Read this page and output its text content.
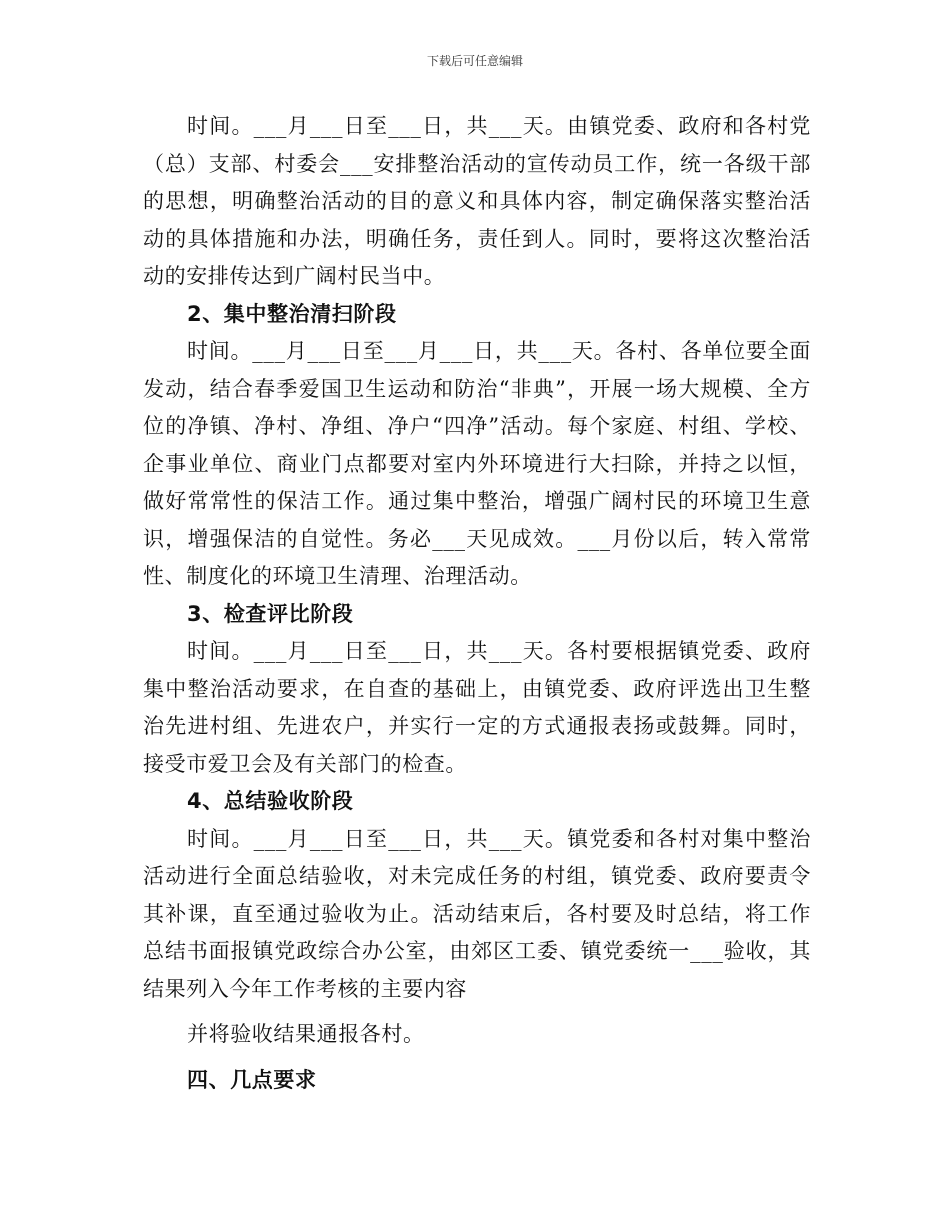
下载后可任意编辑

时间。___月___日至___日，共___天。由镇党委、政府和各村党（总）支部、村委会___安排整治活动的宣传动员工作，统一各级干部的思想，明确整治活动的目的意义和具体内容，制定确保落实整治活动的具体措施和办法，明确任务，责任到人。同时，要将这次整治活动的安排传达到广阔村民当中。

2、集中整治清扫阶段

时间。___月___日至___月___日，共___天。各村、各单位要全面发动，结合春季爱国卫生运动和防治“非典”，开展一场大规模、全方位的净镇、净村、净组、净户“四净”活动。每个家庭、村组、学校、企事业单位、商业门点都要对室内外环境进行大扫除，并持之以恒，做好常常性的保洁工作。通过集中整治，增强广阔村民的环境卫生意识，增强保洁的自觉性。务必___天见成效。___月份以后，转入常常性、制度化的环境卫生清理、治理活动。

3、检查评比阶段

时间。___月___日至___日，共___天。各村要根据镇党委、政府集中整治活动要求，在自查的基础上，由镇党委、政府评选出卫生整治先进村组、先进农户，并实行一定的方式通报表扬或鼓舞。同时，接受市爱卫会及有关部门的检查。

4、总结验收阶段

时间。___月___日至___日，共___天。镇党委和各村对集中整治活动进行全面总结验收，对未完成任务的村组，镇党委、政府要责令其补课，直至通过验收为止。活动结束后，各村要及时总结，将工作总结书面报镇党政综合办公室，由郊区工委、镇党委统一___验收，其结果列入今年工作考核的主要内容

并将验收结果通报各村。

四、几点要求
